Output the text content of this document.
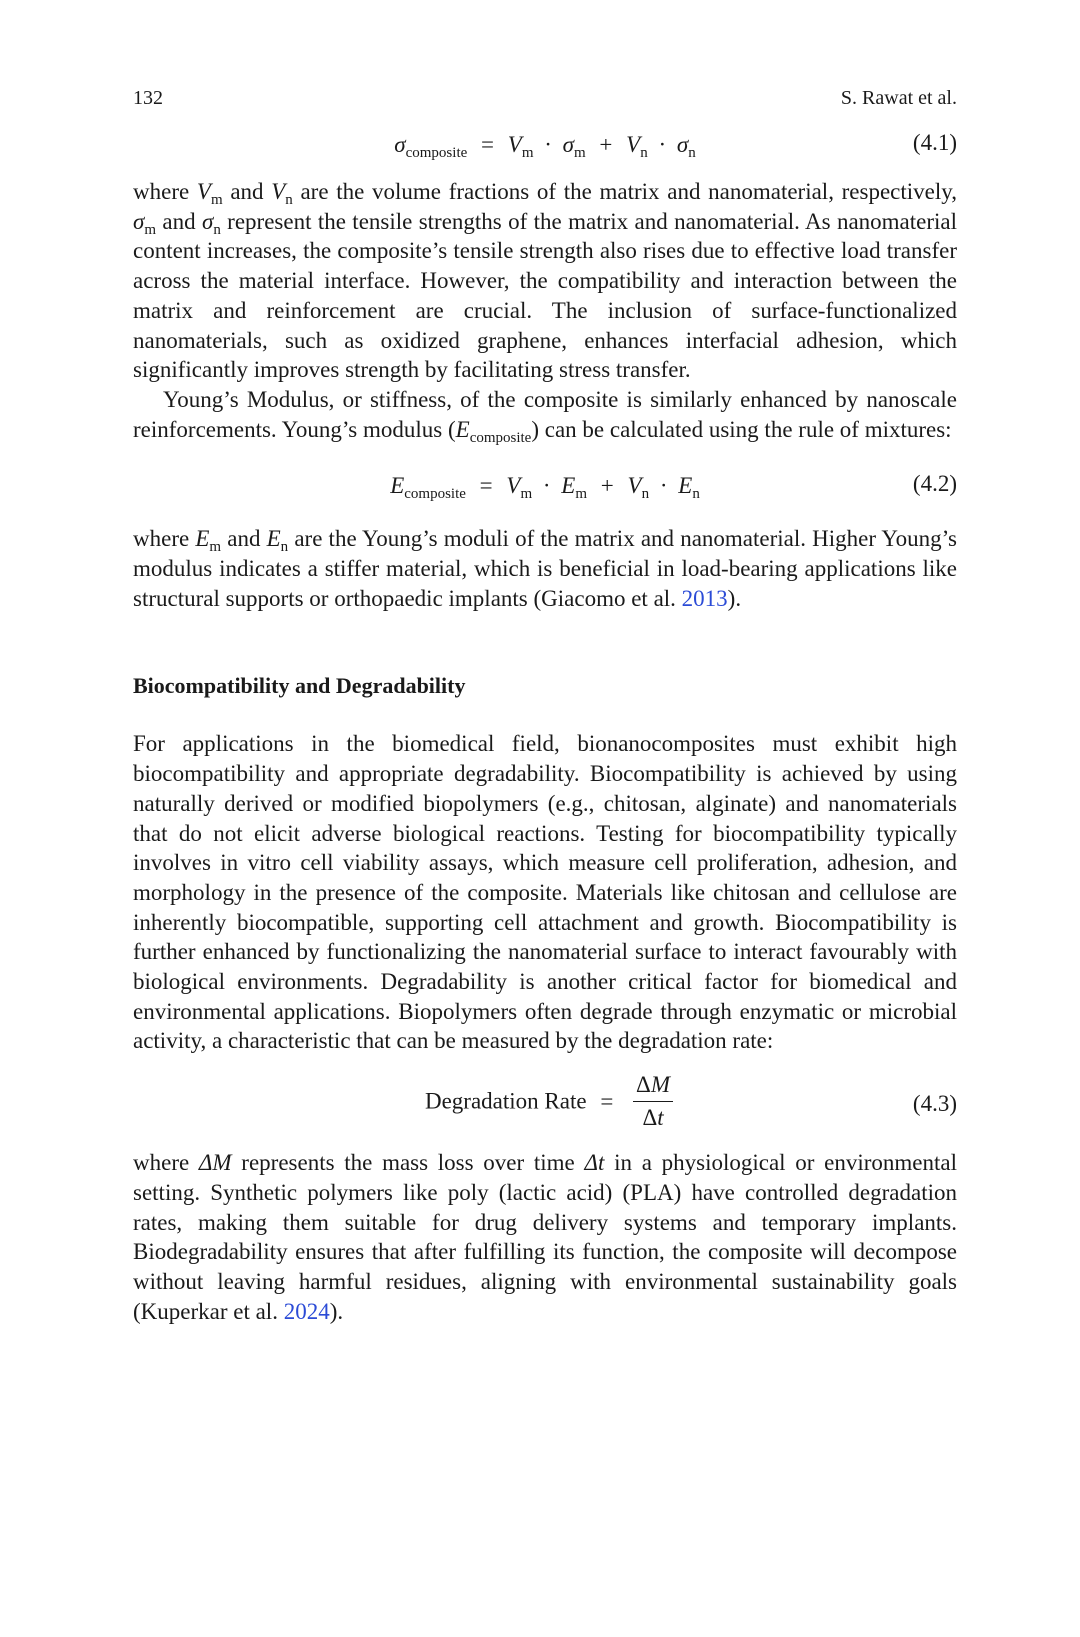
132	S. Rawat et al.
$\sigma_{composite} = V_m \cdot \sigma_m + V_n \cdot \sigma_n$	(4.1)

where $V_m$ and $V_n$ are the volume fractions of the matrix and nanomaterial, respectively, $\sigma_m$ and $\sigma_n$ represent the tensile strengths of the matrix and nanomaterial. As nanomaterial content increases, the composite’s tensile strength also rises due to effective load transfer across the material interface. However, the compatibility and interaction between the matrix and reinforcement are crucial. The inclusion of surface-functionalized nanomaterials, such as oxidized graphene, enhances interfacial adhesion, which significantly improves strength by facilitating stress transfer.

Young’s Modulus, or stiffness, of the composite is similarly enhanced by nanoscale reinforcements. Young’s modulus $(E_{composite})$ can be calculated using the rule of mixtures:

$E_{composite} = V_m \cdot E_m + V_n \cdot E_n$	(4.2)

where $E_m$ and $E_n$ are the Young’s moduli of the matrix and nanomaterial. Higher Young’s modulus indicates a stiffer material, which is beneficial in load-bearing applications like structural supports or orthopaedic implants (Giacomo et al. 2013).

Biocompatibility and Degradability

For applications in the biomedical field, bionanocomposites must exhibit high biocompatibility and appropriate degradability. Biocompatibility is achieved by using naturally derived or modified biopolymers (e.g., chitosan, alginate) and nanomaterials that do not elicit adverse biological reactions. Testing for biocompatibility typically involves in vitro cell viability assays, which measure cell proliferation, adhesion, and morphology in the presence of the composite. Materials like chitosan and cellulose are inherently biocompatible, supporting cell attachment and growth. Biocompatibility is further enhanced by functionalizing the nanomaterial surface to interact favourably with biological environments. Degradability is another critical factor for biomedical and environmental applications. Biopolymers often degrade through enzymatic or microbial activity, a characteristic that can be measured by the degradation rate:

Degradation Rate = $\frac{\Delta M}{\Delta t}$	(4.3)

where ΔM represents the mass loss over time Δt in a physiological or environmental setting. Synthetic polymers like poly (lactic acid) (PLA) have controlled degradation rates, making them suitable for drug delivery systems and temporary implants. Biodegradability ensures that after fulfilling its function, the composite will decompose without leaving harmful residues, aligning with environmental sustainability goals (Kuperkar et al. 2024).
